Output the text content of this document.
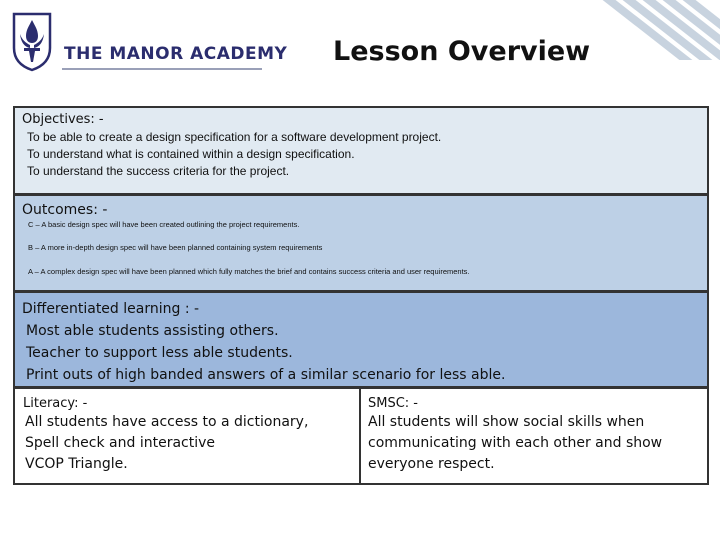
THE MANOR ACADEMY Lesson Overview
Objectives: -
To be able to create a design specification for a software development project.
To understand what is contained within a design specification.
To understand the success criteria for the project.
Outcomes: -
C – A basic design spec will have been created outlining the project requirements.
B – A more in-depth design spec will have been planned containing system requirements
A – A complex design spec will have been planned which fully matches the brief and contains success criteria and user requirements.
Differentiated learning : -
Most able students assisting others.
Teacher to support less able students.
Print outs of high banded answers of a similar scenario for less able.
Literacy: -
All students have access to a dictionary,
Spell check and interactive
VCOP Triangle.
SMSC: -
All students will show social skills when
communicating with each other and show
everyone respect.
